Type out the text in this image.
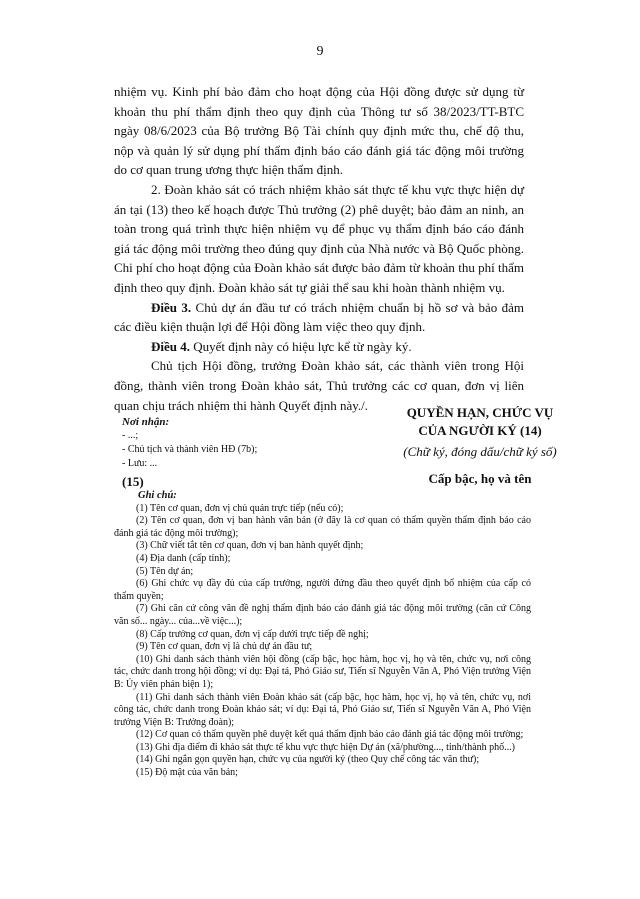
9

nhiệm vụ. Kinh phí bảo đảm cho hoạt động của Hội đồng được sử dụng từ khoản thu phí thẩm định theo quy định của Thông tư số 38/2023/TT-BTC ngày 08/6/2023 của Bộ trưởng Bộ Tài chính quy định mức thu, chế độ thu, nộp và quản lý sử dụng phí thẩm định báo cáo đánh giá tác động môi trường do cơ quan trung ương thực hiện thẩm định.

2. Đoàn khảo sát có trách nhiệm khảo sát thực tế khu vực thực hiện dự án tại (13) theo kế hoạch được Thủ trưởng (2) phê duyệt; bảo đảm an ninh, an toàn trong quá trình thực hiện nhiệm vụ để phục vụ thẩm định báo cáo đánh giá tác động môi trường theo đúng quy định của Nhà nước và Bộ Quốc phòng. Chi phí cho hoạt động của Đoàn khảo sát được bảo đảm từ khoản thu phí thẩm định theo quy định. Đoàn khảo sát tự giải thể sau khi hoàn thành nhiệm vụ.

Điều 3. Chủ dự án đầu tư có trách nhiệm chuẩn bị hồ sơ và bảo đảm các điều kiện thuận lợi để Hội đồng làm việc theo quy định.

Điều 4. Quyết định này có hiệu lực kể từ ngày ký.

Chủ tịch Hội đồng, trưởng Đoàn khảo sát, các thành viên trong Hội đồng, thành viên trong Đoàn khảo sát, Thủ trưởng các cơ quan, đơn vị liên quan chịu trách nhiệm thi hành Quyết định này./.

Nơi nhận:
- ...;
- Chủ tịch và thành viên HĐ (7b);
- Lưu: ...
(15)
QUYỀN HẠN, CHỨC VỤ
CỦA NGƯỜI KÝ (14)
(Chữ ký, đóng dấu/chữ ký số)
Cấp bậc, họ và tên
Ghi chú:
(1) Tên cơ quan, đơn vị chủ quản trực tiếp (nếu có);
(2) Tên cơ quan, đơn vị ban hành văn bản (ở đây là cơ quan có thẩm quyền thẩm định báo cáo đánh giá tác động môi trường);
(3) Chữ viết tắt tên cơ quan, đơn vị ban hành quyết định;
(4) Địa danh (cấp tỉnh);
(5) Tên dự án;
(6) Ghi chức vụ đầy đủ của cấp trưởng, người đứng đầu theo quyết định bổ nhiệm của cấp có thẩm quyền;
(7) Ghi căn cứ công văn đề nghị thẩm định báo cáo đánh giá tác động môi trường (căn cứ Công văn số... ngày... của...về việc...);
(8) Cấp trưởng cơ quan, đơn vị cấp dưới trực tiếp đề nghị;
(9) Tên cơ quan, đơn vị là chủ dự án đầu tư;
(10) Ghi danh sách thành viên hội đồng (cấp bậc, học hàm, học vị, họ và tên, chức vụ, nơi công tác, chức danh trong hội đồng; ví dụ: Đại tá, Phó Giáo sư, Tiến sĩ Nguyễn Văn A, Phó Viện trưởng Viện B: Ủy viên phản biện 1);
(11) Ghi danh sách thành viên Đoàn khảo sát (cấp bậc, học hàm, học vị, họ và tên, chức vụ, nơi công tác, chức danh trong Đoàn khảo sát; ví dụ: Đại tá, Phó Giáo sư, Tiến sĩ Nguyễn Văn A, Phó Viện trưởng Viện B: Trưởng đoàn);
(12) Cơ quan có thẩm quyền phê duyệt kết quả thẩm định báo cáo đánh giá tác động môi trường;
(13) Ghi địa điểm đi khảo sát thực tế khu vực thực hiện Dự án (xã/phường..., tỉnh/thành phố...)
(14) Ghi ngắn gọn quyền hạn, chức vụ của người ký (theo Quy chế công tác văn thư);
(15) Độ mật của văn bản;
